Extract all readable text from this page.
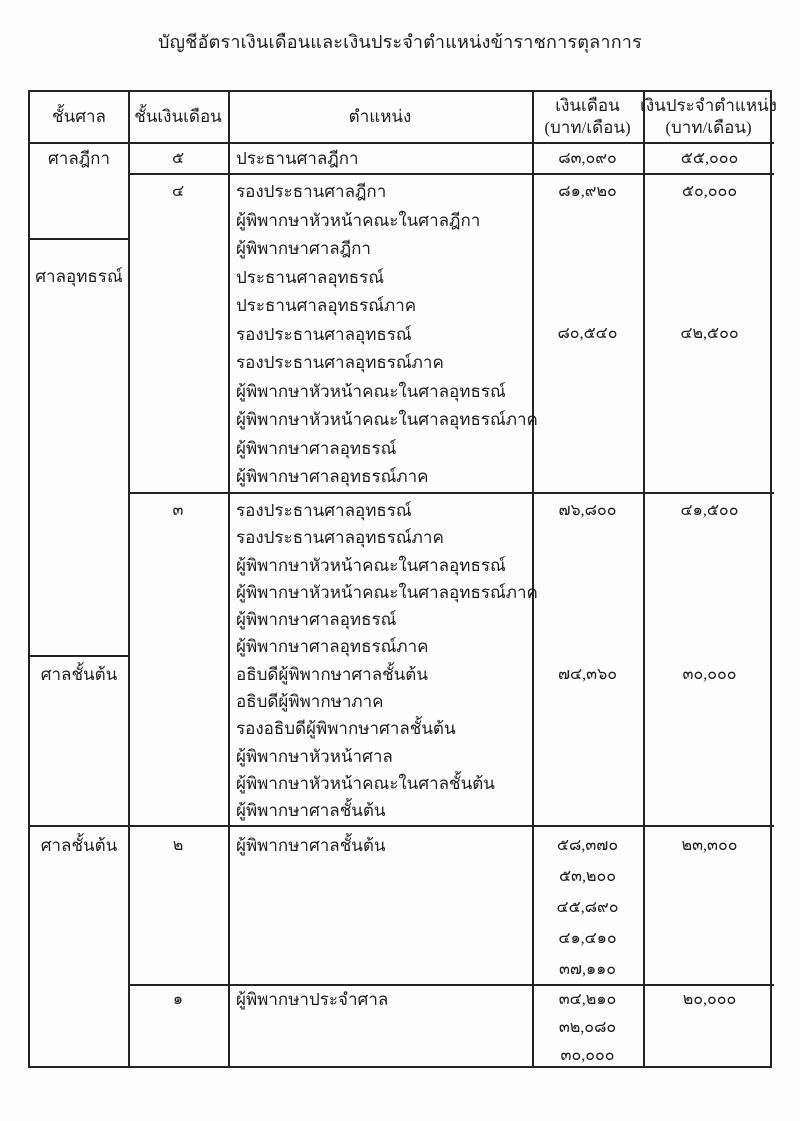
บัญชีอัตราเงินเดือนและเงินประจำตำแหน่งข้าราชการตุลาการ
ชั้นศาล	ชั้นเงินเดือน	ตำแหน่ง
เงินเดือน
(บาท/เดือน)
เงินประจำตำแหน่ง
(บาท/เดือน)
ศาลฎีกา
ศาลอุทธรณ์
ศาลชั้นต้น
ศาลชั้นต้น
๕
๔
๓
๒
๑
ประธานศาลฎีกา
รองประธานศาลฎีกา
ผู้พิพากษาหัวหน้าคณะในศาลฎีกา
ผู้พิพากษาศาลฎีกา
ประธานศาลอุทธรณ์
ประธานศาลอุทธรณ์ภาค
รองประธานศาลอุทธรณ์
รองประธานศาลอุทธรณ์ภาค
ผู้พิพากษาหัวหน้าคณะในศาลอุทธรณ์
ผู้พิพากษาหัวหน้าคณะในศาลอุทธรณ์ภาค
ผู้พิพากษาศาลอุทธรณ์
ผู้พิพากษาศาลอุทธรณ์ภาค
รองประธานศาลอุทธรณ์
รองประธานศาลอุทธรณ์ภาค
ผู้พิพากษาหัวหน้าคณะในศาลอุทธรณ์
ผู้พิพากษาหัวหน้าคณะในศาลอุทธรณ์ภาค
ผู้พิพากษาศาลอุทธรณ์
ผู้พิพากษาศาลอุทธรณ์ภาค
อธิบดีผู้พิพากษาศาลชั้นต้น
อธิบดีผู้พิพากษาภาค
รองอธิบดีผู้พิพากษาศาลชั้นต้น
ผู้พิพากษาหัวหน้าศาล
ผู้พิพากษาหัวหน้าคณะในศาลชั้นต้น
ผู้พิพากษาศาลชั้นต้น
ผู้พิพากษาศาลชั้นต้น
ผู้พิพากษาประจำศาล
๘๓,๐๙๐
๘๑,๙๒๐
๘๐,๕๔๐
๗๖,๘๐๐
๗๔,๓๖๐
๕๘,๓๗๐
๕๓,๒๐๐
๔๕,๘๙๐
๔๑,๔๑๐
๓๗,๑๑๐
๓๔,๒๑๐
๓๒,๐๘๐
๓๐,๐๐๐
๕๕,๐๐๐
๕๐,๐๐๐
๔๒,๕๐๐
๔๑,๕๐๐
๓๐,๐๐๐
๒๓,๓๐๐
๒๐,๐๐๐
